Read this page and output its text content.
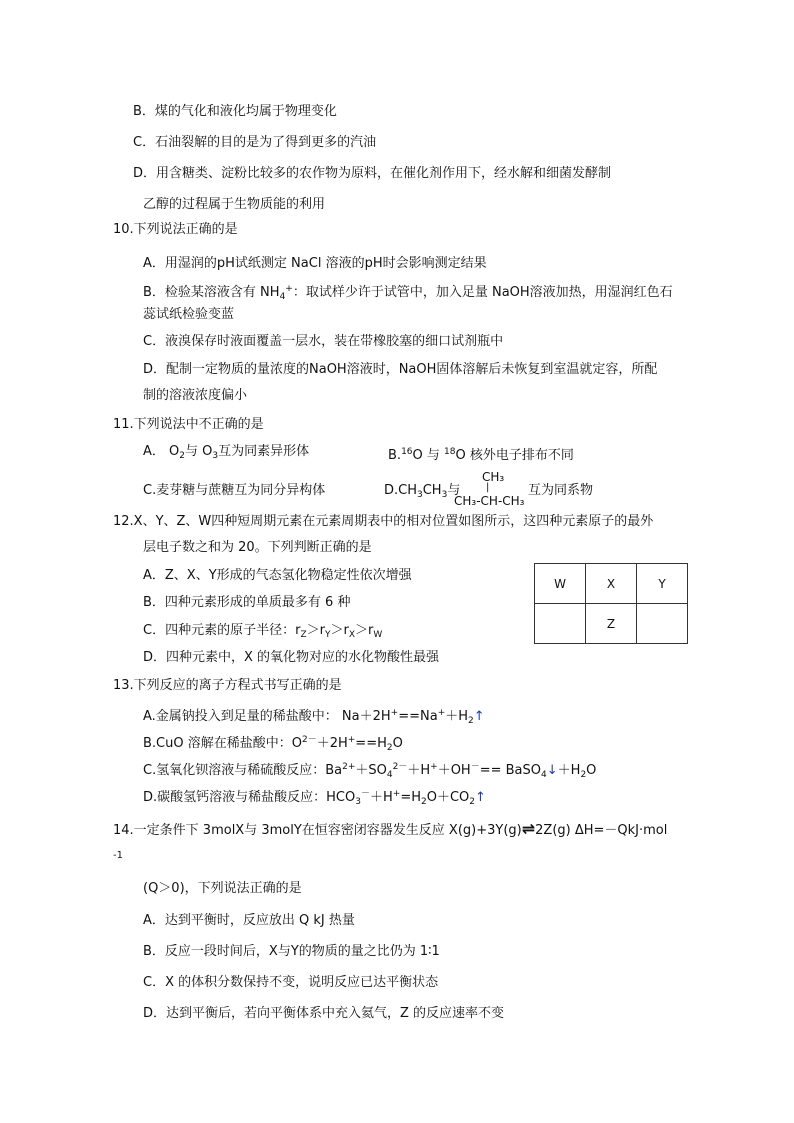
B．煤的气化和液化均属于物理变化
C．石油裂解的目的是为了得到更多的汽油
D．用含糖类、淀粉比较多的农作物为原料，在催化剂作用下，经水解和细菌发酵制
乙醇的过程属于生物质能的利用
10.下列说法正确的是
A．用湿润的pH试纸测定 NaCl 溶液的pH时会影响测定结果
B．检验某溶液含有 $NH_4^+$：取试样少许于试管中，加入足量 NaOH溶液加热，用湿润红色石
蕊试纸检验变蓝
C．液溴保存时液面覆盖一层水，装在带橡胶塞的细口试剂瓶中
D．配制一定物质的量浓度的NaOH溶液时，NaOH固体溶解后未恢复到室温就定容，所配
制的溶液浓度偏小
11.下列说法中不正确的是
A． $O_2$与 $O_3$互为同素异形体	B.$^{16}$O 与 $^{18}$O 核外电子排布不同
C.麦芽糖与蔗糖互为同分异构体	$D.CH_3CH_3$与
CH₃
|
CH₃-CH-CH₃
互为同系物
12.X、Y、Z、W四种短周期元素在元素周期表中的相对位置如图所示，这四种元素原子的最外
层电子数之和为 20。下列判断正确的是
A．Z、X、Y形成的气态氢化物稳定性依次增强
B．四种元素形成的单质最多有 6 种
C．四种元素的原子半径：$r_Z>r_Y>r_X>r_W$
D．四种元素中，X 的氧化物对应的水化物酸性最强
W	X	Y
	Z	
13.下列反应的离子方程式书写正确的是
A.金属钠投入到足量的稀盐酸中： $Na+2H^+==Na^++H_2↑$
B.CuO 溶解在稀盐酸中：$O^{2-}+2H^+==H_2O$
C.氢氧化钡溶液与稀硫酸反应：$Ba^{2+}+SO_4^{2-}+H^++OH^-==$ $BaSO_4↓+H_2O$
D.碳酸氢钙溶液与稀盐酸反应：$HCO_3^-+H^+=H_2O+CO_2↑$
14.一定条件下 3molX与 3molY在恒容密闭容器发生反应 X(g)+3Y(g)⇌2Z(g) ΔH=－QkJ·mol
-1
(Q＞0)，下列说法正确的是
A．达到平衡时，反应放出 Q kJ 热量
B．反应一段时间后，X与Y的物质的量之比仍为 1∶1
C．X 的体积分数保持不变，说明反应已达平衡状态
D．达到平衡后，若向平衡体系中充入氦气，Z 的反应速率不变
